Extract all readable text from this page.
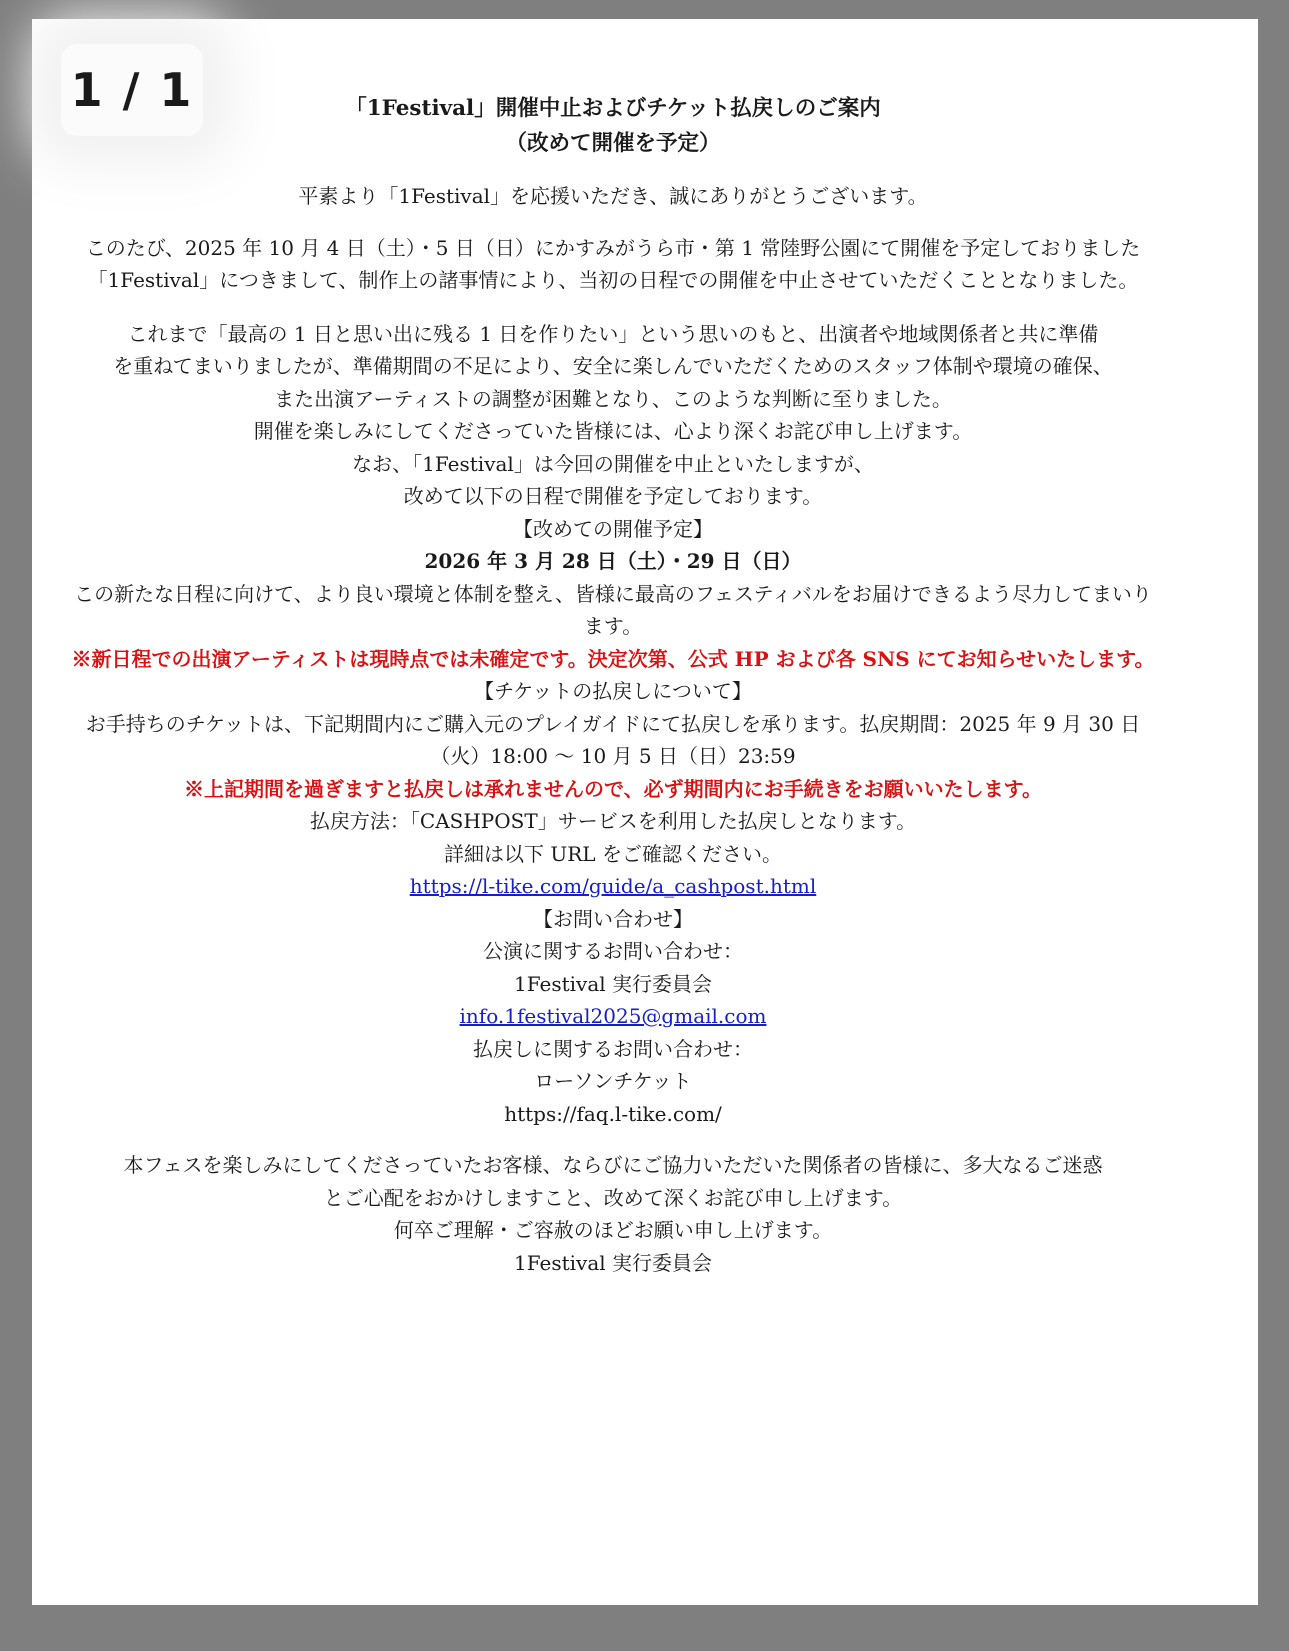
1 / 1	「1Festival」開催中止およびチケット払戻しのご案内

（改めて開催を予定）

平素より「1Festival」を応援いただき、誠にありがとうございます。

このたび、2025 年 10 月 4 日（土）・5 日（日）にかすみがうら市・第 1 常陸野公園にて開催を予定しておりました「1Festival」につきまして、制作上の諸事情により、当初の日程での開催を中止させていただくこととなりました。

これまで「最高の 1 日と思い出に残る 1 日を作りたい」という思いのもと、出演者や地域関係者と共に準備

を重ねてまいりましたが、準備期間の不足により、安全に楽しんでいただくためのスタッフ体制や環境の確保、

また出演アーティストの調整が困難となり、このような判断に至りました。

開催を楽しみにしてくださっていた皆様には、心より深くお詫び申し上げます。

なお、「1Festival」は今回の開催を中止といたしますが、

改めて以下の日程で開催を予定しております。

【改めての開催予定】

2026 年 3 月 28 日（土）・29 日（日）

この新たな日程に向けて、より良い環境と体制を整え、皆様に最高のフェスティバルをお届けできるよう尽力してまいります。

※新日程での出演アーティストは現時点では未確定です。決定次第、公式 HP および各 SNS にてお知らせいたします。

【チケットの払戻しについて】

お手持ちのチケットは、下記期間内にご購入元のプレイガイドにて払戻しを承ります。払戻期間：2025 年 9 月 30 日（火）18:00 〜 10 月 5 日（日）23:59

※上記期間を過ぎますと払戻しは承れませんので、必ず期間内にお手続きをお願いいたします。

払戻方法：「CASHPOST」サービスを利用した払戻しとなります。

詳細は以下 URL をご確認ください。

https://l-tike.com/guide/a_cashpost.html

【お問い合わせ】

公演に関するお問い合わせ：

1Festival 実行委員会

info.1festival2025@gmail.com

払戻しに関するお問い合わせ：

ローソンチケット

https://faq.l-tike.com/

本フェスを楽しみにしてくださっていたお客様、ならびにご協力いただいた関係者の皆様に、多大なるご迷惑

とご心配をおかけしますこと、改めて深くお詫び申し上げます。

何卒ご理解・ご容赦のほどお願い申し上げます。

1Festival 実行委員会
